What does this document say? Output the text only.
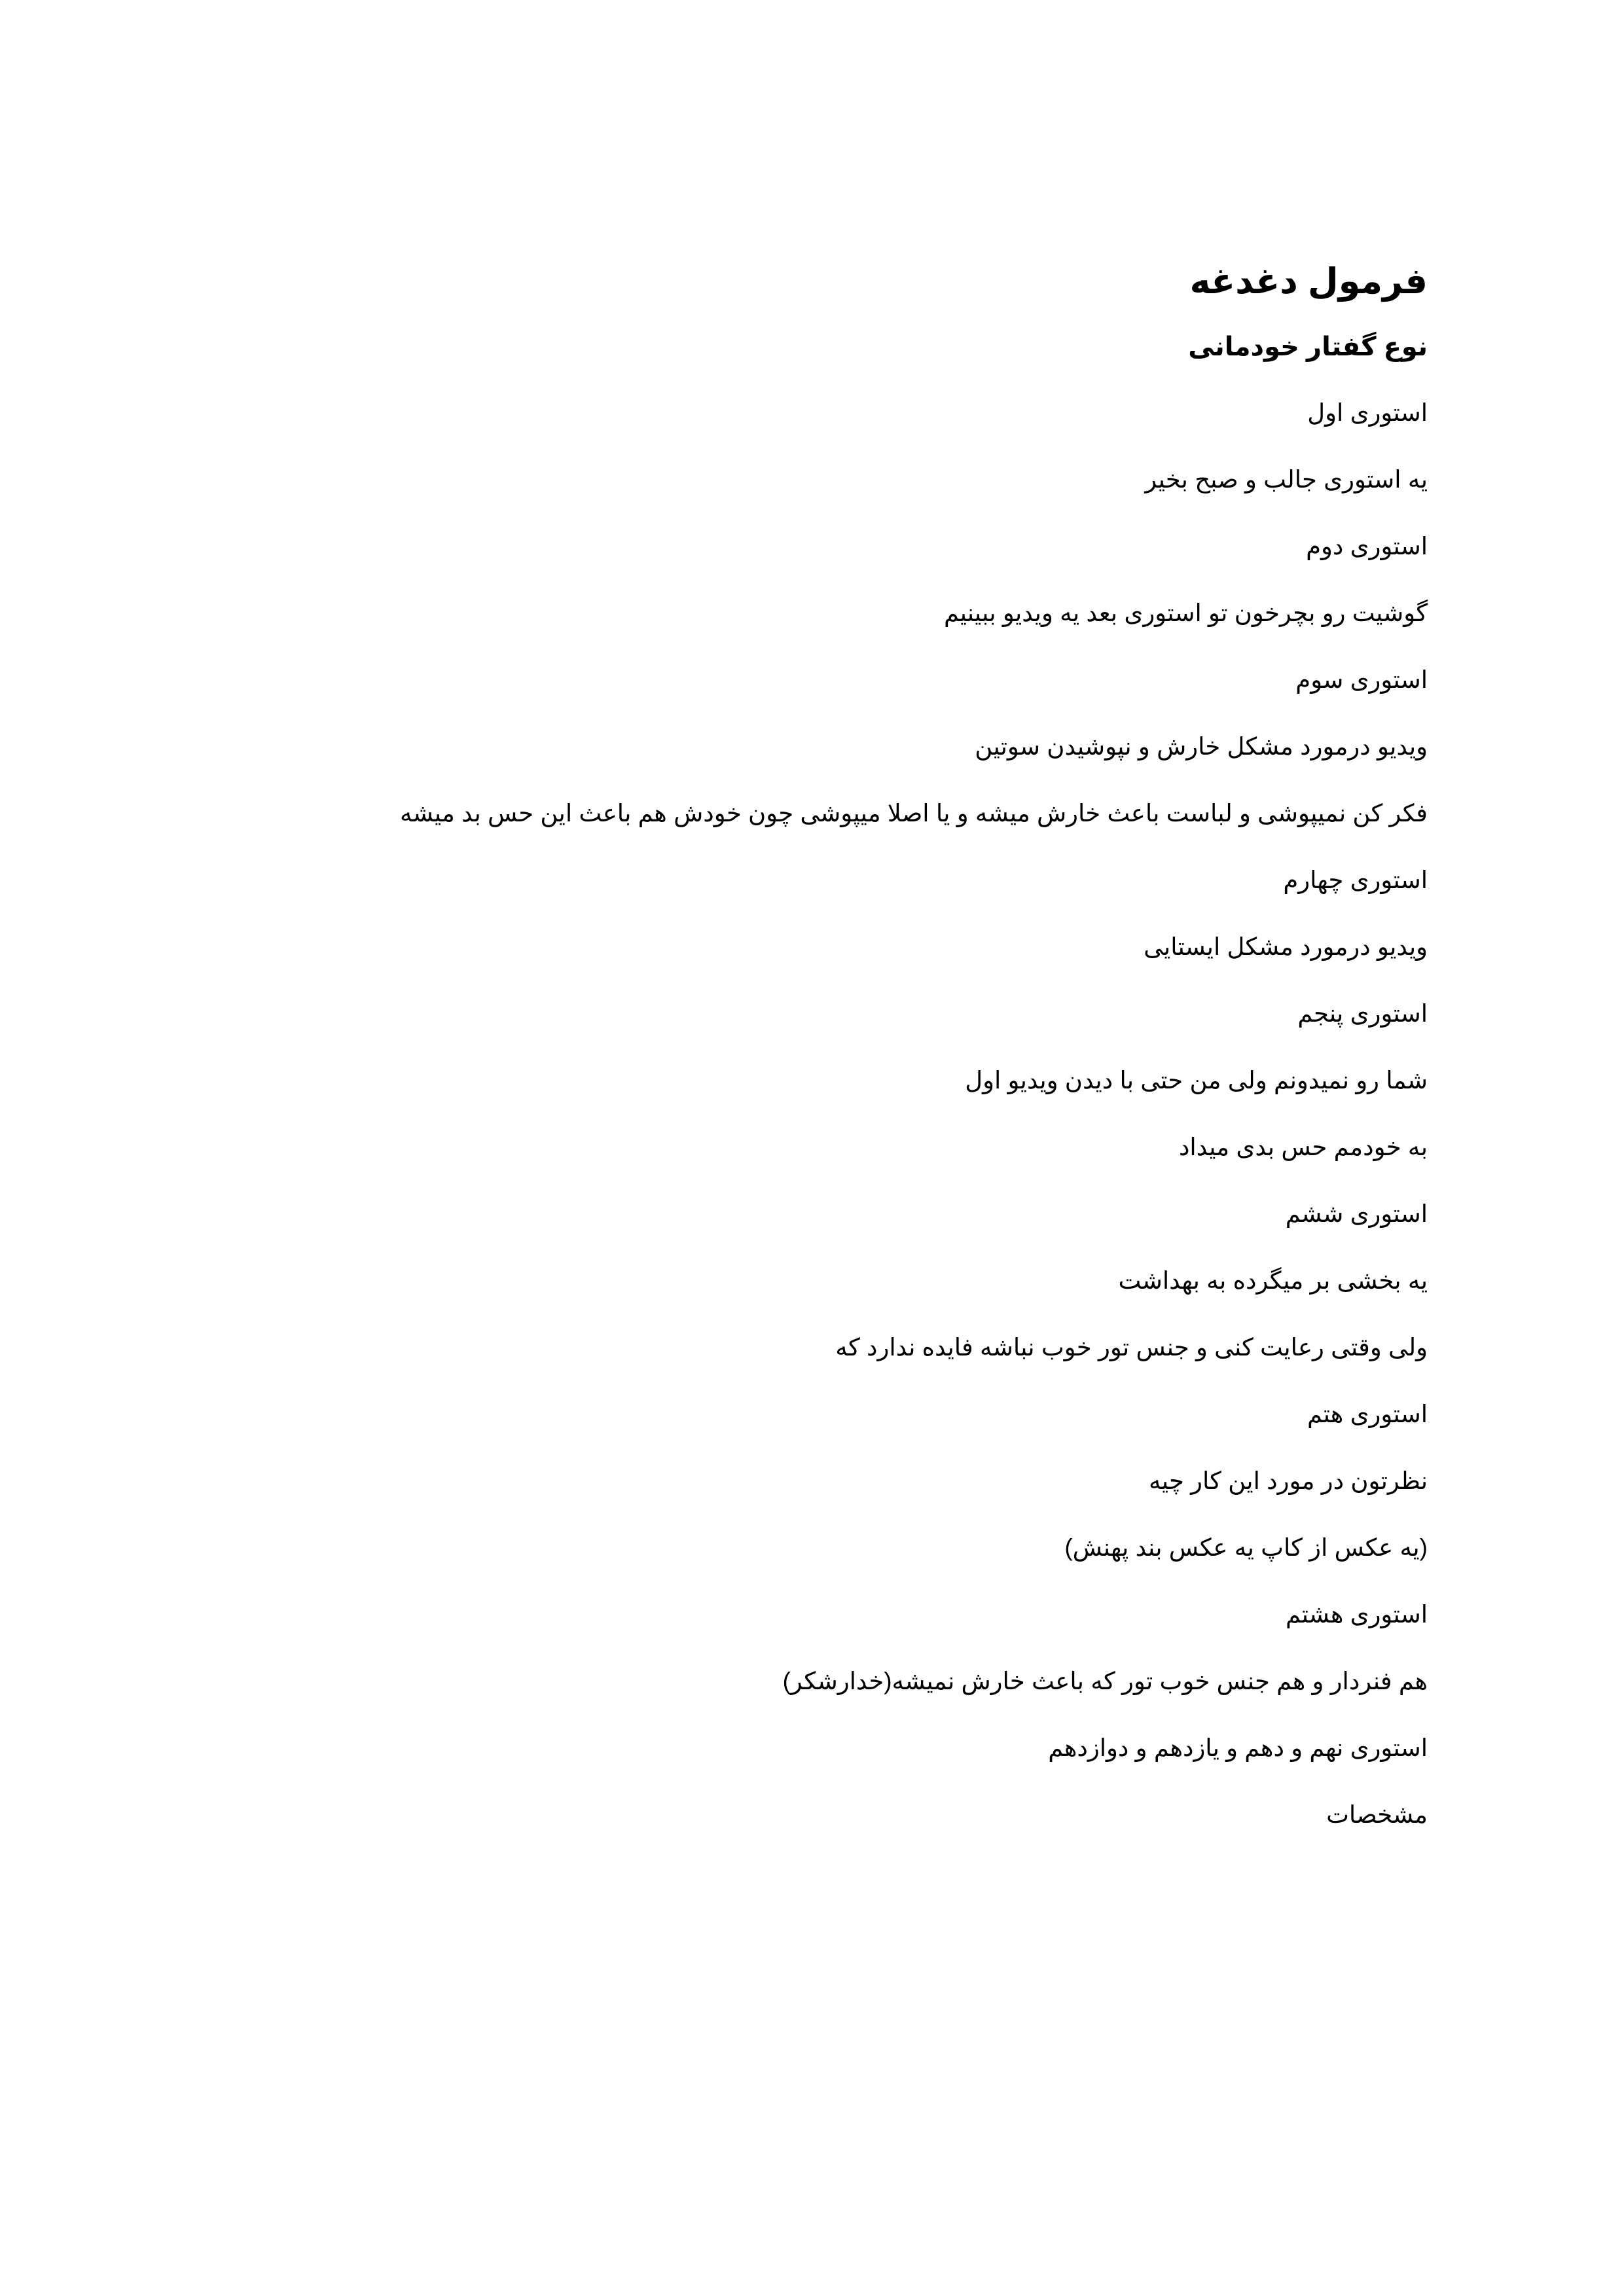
فرمول دغدغه
نوع گفتار خودمانی
استوری اول
یه استوری جالب و صبح بخیر
استوری دوم
گوشیت رو بچرخون تو استوری بعد یه ویدیو ببینیم
استوری سوم
ویدیو درمورد مشکل خارش و نپوشیدن سوتین
فکر کن نمیپوشی و لباست باعث خارش میشه و یا اصلا میپوشی چون خودش هم باعث این حس بد میشه
استوری چهارم
ویدیو درمورد مشکل ایستایی
استوری پنجم
شما رو نمیدونم ولی من حتی با دیدن ویدیو اول
به خودمم حس بدی میداد
استوری ششم
یه بخشی بر میگرده به بهداشت
ولی وقتی رعایت کنی و جنس تور خوب نباشه فایده ندارد که
استوری هتم
نظرتون در مورد این کار چیه
(یه عکس از کاپ یه عکس بند پهنش)
استوری هشتم
هم فنردار و هم جنس خوب تور که باعث خارش نمیشه(خدارشکر)
استوری نهم و دهم و یازدهم و دوازدهم
مشخصات
